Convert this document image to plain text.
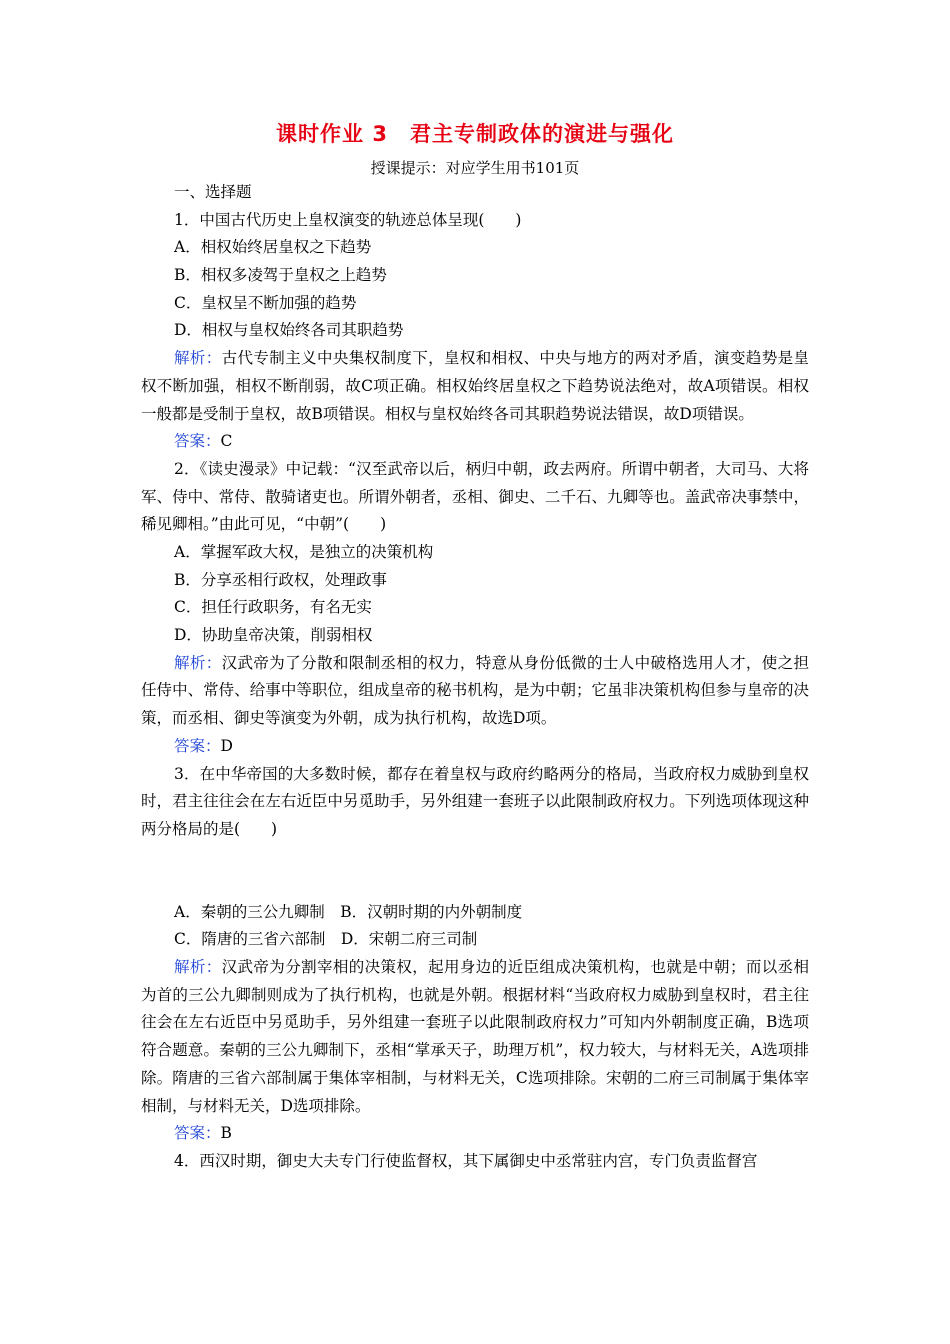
课时作业 3　君主专制政体的演进与强化
授课提示：对应学生用书101页
一、选择题
1．中国古代历史上皇权演变的轨迹总体呈现(　　)
A．相权始终居皇权之下趋势
B．相权多凌驾于皇权之上趋势
C．皇权呈不断加强的趋势
D．相权与皇权始终各司其职趋势
解析：古代专制主义中央集权制度下，皇权和相权、中央与地方的两对矛盾，演变趋势是皇权不断加强，相权不断削弱，故C项正确。相权始终居皇权之下趋势说法绝对，故A项错误。相权一般都是受制于皇权，故B项错误。相权与皇权始终各司其职趋势说法错误，故D项错误。
答案：C
2．《读史漫录》中记载：“汉至武帝以后，柄归中朝，政去两府。所谓中朝者，大司马、大将军、侍中、常侍、散骑诸吏也。所谓外朝者，丞相、御史、二千石、九卿等也。盖武帝决事禁中，稀见卿相。”由此可见，“中朝”(　　)
A．掌握军政大权，是独立的决策机构
B．分享丞相行政权，处理政事
C．担任行政职务，有名无实
D．协助皇帝决策，削弱相权
解析：汉武帝为了分散和限制丞相的权力，特意从身份低微的士人中破格选用人才，使之担任侍中、常侍、给事中等职位，组成皇帝的秘书机构，是为中朝；它虽非决策机构但参与皇帝的决策，而丞相、御史等演变为外朝，成为执行机构，故选D项。
答案：D
3．在中华帝国的大多数时候，都存在着皇权与政府约略两分的格局，当政府权力威胁到皇权时，君主往往会在左右近臣中另觅助手，另外组建一套班子以此限制政府权力。下列选项体现这种两分格局的是(　　)
A．秦朝的三公九卿制　B．汉朝时期的内外朝制度
C．隋唐的三省六部制　D．宋朝二府三司制
解析：汉武帝为分割宰相的决策权，起用身边的近臣组成决策机构，也就是中朝；而以丞相为首的三公九卿制则成为了执行机构，也就是外朝。根据材料“当政府权力威胁到皇权时，君主往往会在左右近臣中另觅助手，另外组建一套班子以此限制政府权力”可知内外朝制度正确，B选项符合题意。秦朝的三公九卿制下，丞相“掌承天子，助理万机”，权力较大，与材料无关，A选项排除。隋唐的三省六部制属于集体宰相制，与材料无关，C选项排除。宋朝的二府三司制属于集体宰相制，与材料无关，D选项排除。
答案：B
4．西汉时期，御史大夫专门行使监督权，其下属御史中丞常驻内宫，专门负责监督宫
